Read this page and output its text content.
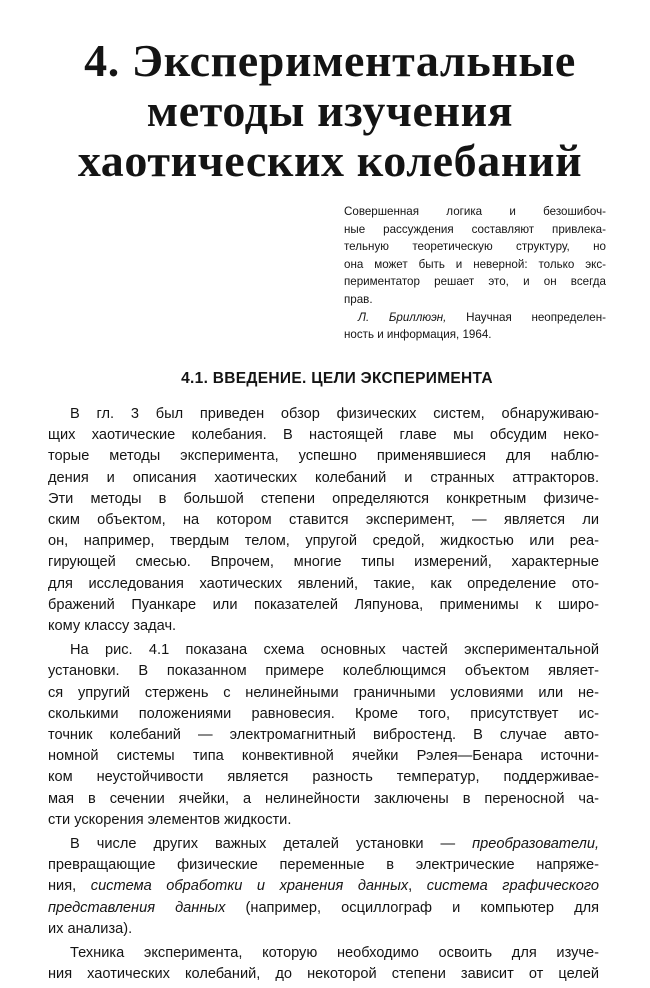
4. Экспериментальные
методы изучения
хаотических колебаний
Совершенная логика и безошибоч-
ные рассуждения составляют привлека-
тельную теоретическую структуру, но
она может быть и неверной: только экс-
периментатор решает это, и он всегда
прав.
Л. Бриллюэн, Научная неопределен-
ность и информация, 1964.
4.1. ВВЕДЕНИЕ. ЦЕЛИ ЭКСПЕРИМЕНТА
В гл. 3 был приведен обзор физических систем, обнаруживаю-
щих хаотические колебания. В настоящей главе мы обсудим неко-
торые методы эксперимента, успешно применявшиеся для наблю-
дения и описания хаотических колебаний и странных аттракторов.
Эти методы в большой степени определяются конкретным физиче-
ским объектом, на котором ставится эксперимент, — является ли
он, например, твердым телом, упругой средой, жидкостью или реа-
гирующей смесью. Впрочем, многие типы измерений, характерные
для исследования хаотических явлений, такие, как определение ото-
бражений Пуанкаре или показателей Ляпунова, применимы к широ-
кому классу задач.
На рис. 4.1 показана схема основных частей экспериментальной
установки. В показанном примере колеблющимся объектом являет-
ся упругий стержень с нелинейными граничными условиями или не-
сколькими положениями равновесия. Кроме того, присутствует ис-
точник колебаний — электромагнитный вибростенд. В случае авто-
номной системы типа конвективной ячейки Рэлея—Бенара источни-
ком неустойчивости является разность температур, поддерживае-
мая в сечении ячейки, а нелинейности заключены в переносной ча-
сти ускорения элементов жидкости.
В числе других важных деталей установки — преобразователи,
превращающие физические переменные в электрические напряже-
ния, система обработки и хранения данных, система графического
представления данных (например, осциллограф и компьютер для
их анализа).
Техника эксперимента, которую необходимо освоить для изуче-
ния хаотических колебаний, до некоторой степени зависит от целей
